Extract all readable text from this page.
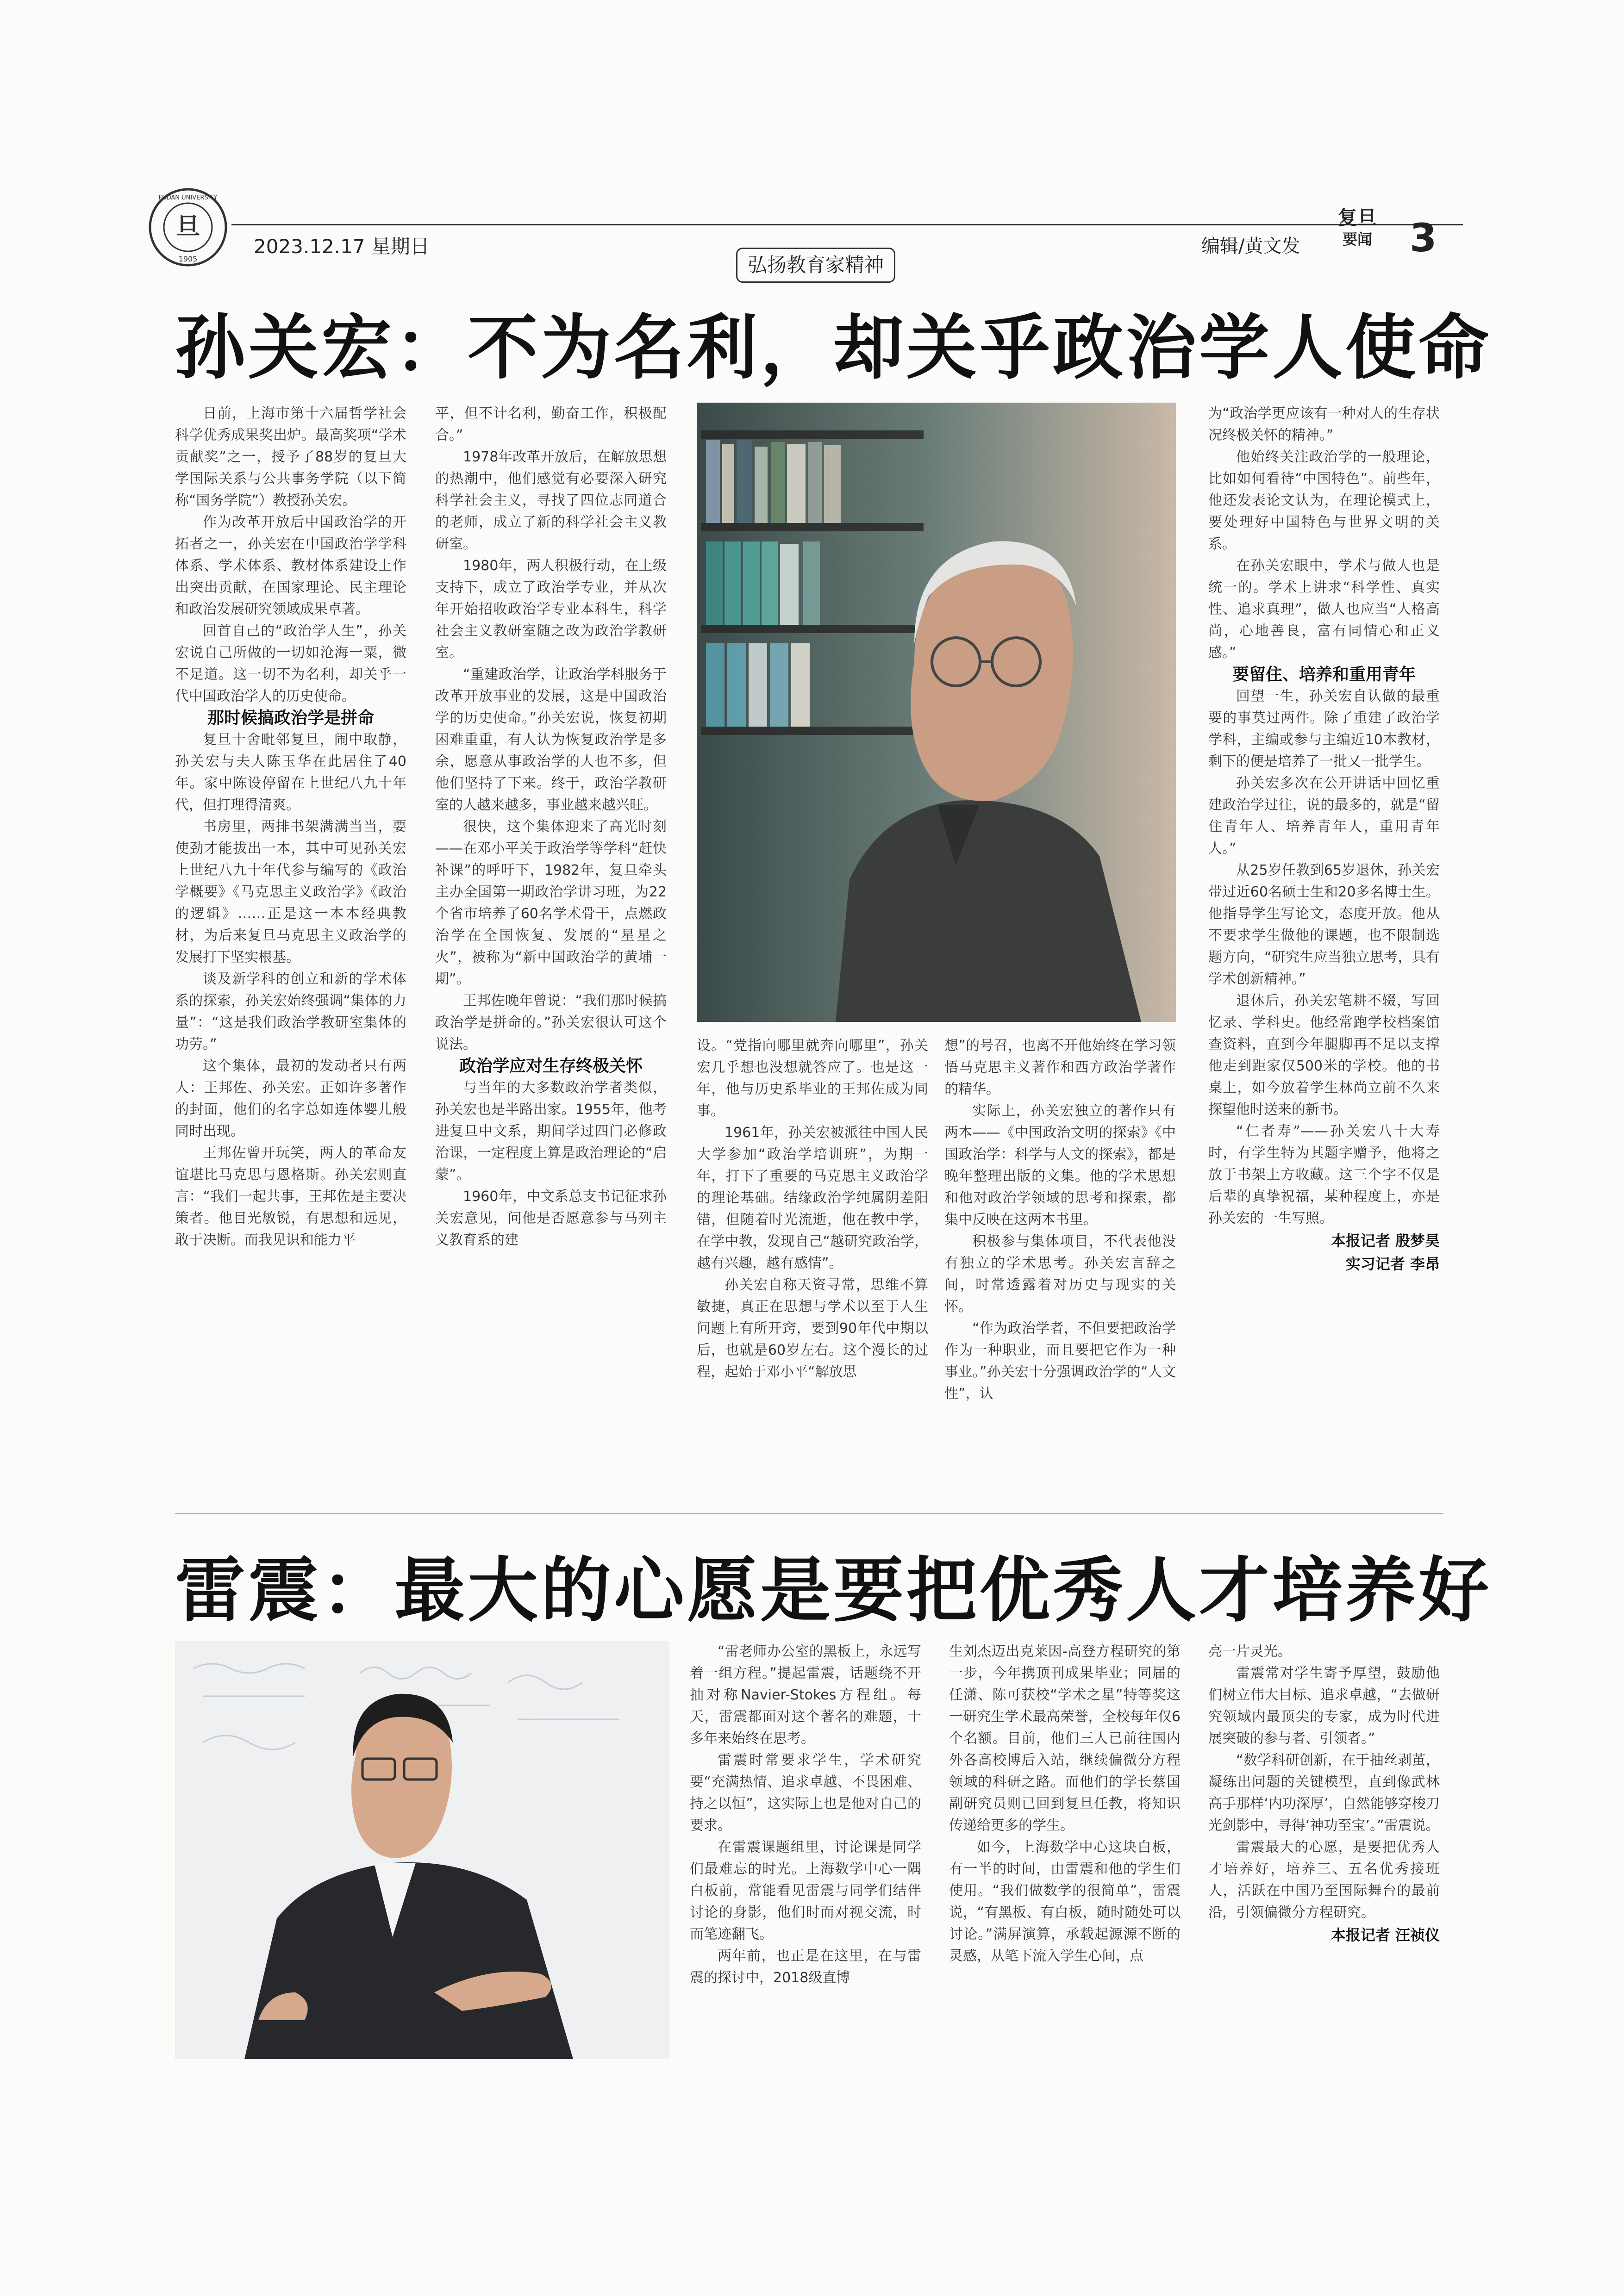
旦
1905
FUDAN UNIVERSITY
2023.12.17 星期日	编辑/黄文发
复旦
要闻 3
弘扬教育家精神
孙关宏：不为名利，却关乎政治学人使命

日前，上海市第十六届哲学社会科学优秀成果奖出炉。最高奖项“学术贡献奖”之一，授予了88岁的复旦大学国际关系与公共事务学院（以下简称“国务学院”）教授孙关宏。

作为改革开放后中国政治学的开拓者之一，孙关宏在中国政治学学科体系、学术体系、教材体系建设上作出突出贡献，在国家理论、民主理论和政治发展研究领域成果卓著。

回首自己的“政治学人生”，孙关宏说自己所做的一切如沧海一粟，微不足道。这一切不为名利，却关乎一代中国政治学人的历史使命。

那时候搞政治学是拼命

复旦十舍毗邻复旦，闹中取静，孙关宏与夫人陈玉华在此居住了40年。家中陈设停留在上世纪八九十年代，但打理得清爽。

书房里，两排书架满满当当，要使劲才能拔出一本，其中可见孙关宏上世纪八九十年代参与编写的《政治学概要》《马克思主义政治学》《政治的逻辑》……正是这一本本经典教材，为后来复旦马克思主义政治学的发展打下坚实根基。

谈及新学科的创立和新的学术体系的探索，孙关宏始终强调“集体的力量”：“这是我们政治学教研室集体的功劳。”

这个集体，最初的发动者只有两人：王邦佐、孙关宏。正如许多著作的封面，他们的名字总如连体婴儿般同时出现。

王邦佐曾开玩笑，两人的革命友谊堪比马克思与恩格斯。孙关宏则直言：“我们一起共事，王邦佐是主要决策者。他目光敏锐，有思想和远见，敢于决断。而我见识和能力平

平，但不计名利，勤奋工作，积极配合。”

1978年改革开放后，在解放思想的热潮中，他们感觉有必要深入研究科学社会主义，寻找了四位志同道合的老师，成立了新的科学社会主义教研室。

1980年，两人积极行动，在上级支持下，成立了政治学专业，并从次年开始招收政治学专业本科生，科学社会主义教研室随之改为政治学教研室。

“重建政治学，让政治学科服务于改革开放事业的发展，这是中国政治学的历史使命。”孙关宏说，恢复初期困难重重，有人认为恢复政治学是多余，愿意从事政治学的人也不多，但他们坚持了下来。终于，政治学教研室的人越来越多，事业越来越兴旺。

很快，这个集体迎来了高光时刻——在邓小平关于政治学等学科“赶快补课”的呼吁下，1982年，复旦牵头主办全国第一期政治学讲习班，为22个省市培养了60名学术骨干，点燃政治学在全国恢复、发展的“星星之火”，被称为“新中国政治学的黄埔一期”。

王邦佐晚年曾说：“我们那时候搞政治学是拼命的。”孙关宏很认可这个说法。

政治学应对生存终极关怀

与当年的大多数政治学者类似，孙关宏也是半路出家。1955年，他考进复旦中文系，期间学过四门必修政治课，一定程度上算是政治理论的“启蒙”。

1960年，中文系总支书记征求孙关宏意见，问他是否愿意参与马列主义教育系的建

设。“党指向哪里就奔向哪里”，孙关宏几乎想也没想就答应了。也是这一年，他与历史系毕业的王邦佐成为同事。

1961年，孙关宏被派往中国人民大学参加“政治学培训班”，为期一年，打下了重要的马克思主义政治学的理论基础。结缘政治学纯属阴差阳错，但随着时光流逝，他在教中学，在学中教，发现自己“越研究政治学，越有兴趣，越有感情”。

孙关宏自称天资寻常，思维不算敏捷，真正在思想与学术以至于人生问题上有所开窍，要到90年代中期以后，也就是60岁左右。这个漫长的过程，起始于邓小平“解放思

想”的号召，也离不开他始终在学习领悟马克思主义著作和西方政治学著作的精华。

实际上，孙关宏独立的著作只有两本——《中国政治文明的探索》《中国政治学：科学与人文的探索》，都是晚年整理出版的文集。他的学术思想和他对政治学领域的思考和探索，都集中反映在这两本书里。

积极参与集体项目，不代表他没有独立的学术思考。孙关宏言辞之间，时常透露着对历史与现实的关怀。

“作为政治学者，不但要把政治学作为一种职业，而且要把它作为一种事业。”孙关宏十分强调政治学的“人文性”，认

为“政治学更应该有一种对人的生存状况终极关怀的精神。”

他始终关注政治学的一般理论，比如如何看待“中国特色”。前些年，他还发表论文认为，在理论模式上，要处理好中国特色与世界文明的关系。

在孙关宏眼中，学术与做人也是统一的。学术上讲求“科学性、真实性、追求真理”，做人也应当“人格高尚，心地善良，富有同情心和正义感。”

要留住、培养和重用青年

回望一生，孙关宏自认做的最重要的事莫过两件。除了重建了政治学学科，主编或参与主编近10本教材，剩下的便是培养了一批又一批学生。

孙关宏多次在公开讲话中回忆重建政治学过往，说的最多的，就是“留住青年人、培养青年人，重用青年人。”

从25岁任教到65岁退休，孙关宏带过近60名硕士生和20多名博士生。他指导学生写论文，态度开放。他从不要求学生做他的课题，也不限制选题方向，“研究生应当独立思考，具有学术创新精神。”

退休后，孙关宏笔耕不辍，写回忆录、学科史。他经常跑学校档案馆查资料，直到今年腿脚再不足以支撑他走到距家仅500米的学校。他的书桌上，如今放着学生林尚立前不久来探望他时送来的新书。

“仁者寿”——孙关宏八十大寿时，有学生特为其题字赠予，他将之放于书架上方收藏。这三个字不仅是后辈的真挚祝福，某种程度上，亦是孙关宏的一生写照。

本报记者 殷梦昊
实习记者 李昂
雷震：最大的心愿是要把优秀人才培养好

“雷老师办公室的黑板上，永远写着一组方程。”提起雷震，话题绕不开抽对称Navier-Stokes方程组。每天，雷震都面对这个著名的难题，十多年来始终在思考。

雷震时常要求学生，学术研究要“充满热情、追求卓越、不畏困难、持之以恒”，这实际上也是他对自己的要求。

在雷震课题组里，讨论课是同学们最难忘的时光。上海数学中心一隅白板前，常能看见雷震与同学们结伴讨论的身影，他们时而对视交流，时而笔迹翻飞。

两年前，也正是在这里，在与雷震的探讨中，2018级直博

生刘杰迈出克莱因-高登方程研究的第一步，今年携顶刊成果毕业；同届的任潇、陈可获校“学术之星”特等奖这一研究生学术最高荣誉，全校每年仅6个名额。目前，他们三人已前往国内外各高校博后入站，继续偏微分方程领域的科研之路。而他们的学长蔡国副研究员则已回到复旦任教，将知识传递给更多的学生。

如今，上海数学中心这块白板，有一半的时间，由雷震和他的学生们使用。“我们做数学的很简单”，雷震说，“有黑板、有白板，随时随处可以讨论。”满屏演算，承载起源源不断的灵感，从笔下流入学生心间，点

亮一片灵光。

雷震常对学生寄予厚望，鼓励他们树立伟大目标、追求卓越，“去做研究领域内最顶尖的专家，成为时代进展突破的参与者、引领者。”

“数学科研创新，在于抽丝剥茧，凝练出问题的关键模型，直到像武林高手那样‘内功深厚’，自然能够穿梭刀光剑影中，寻得‘神功至宝’。”雷震说。

雷震最大的心愿，是要把优秀人才培养好，培养三、五名优秀接班人，活跃在中国乃至国际舞台的最前沿，引领偏微分方程研究。

本报记者 汪祯仪
